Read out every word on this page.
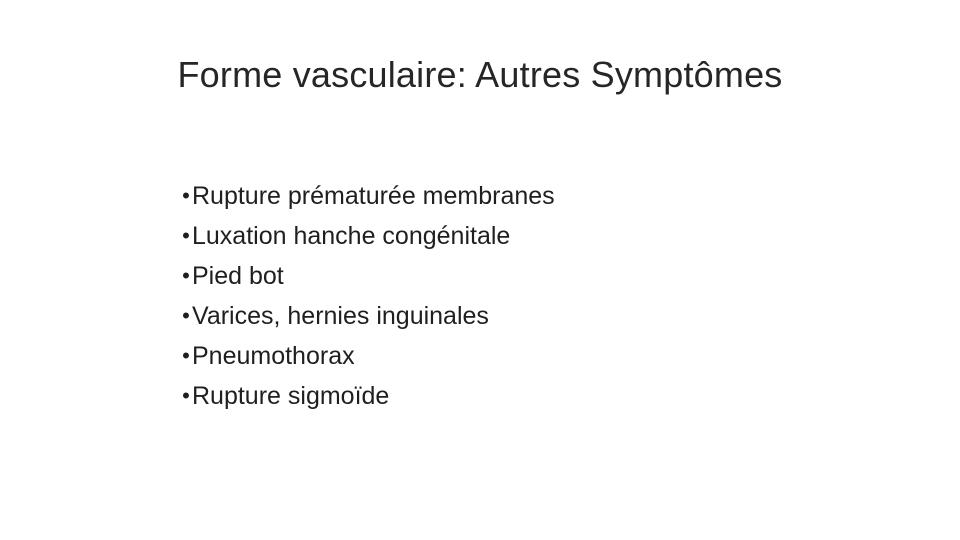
Forme vasculaire: Autres Symptômes
• Rupture prématurée membranes
• Luxation hanche congénitale
• Pied bot
• Varices, hernies inguinales
• Pneumothorax
• Rupture sigmoïde
